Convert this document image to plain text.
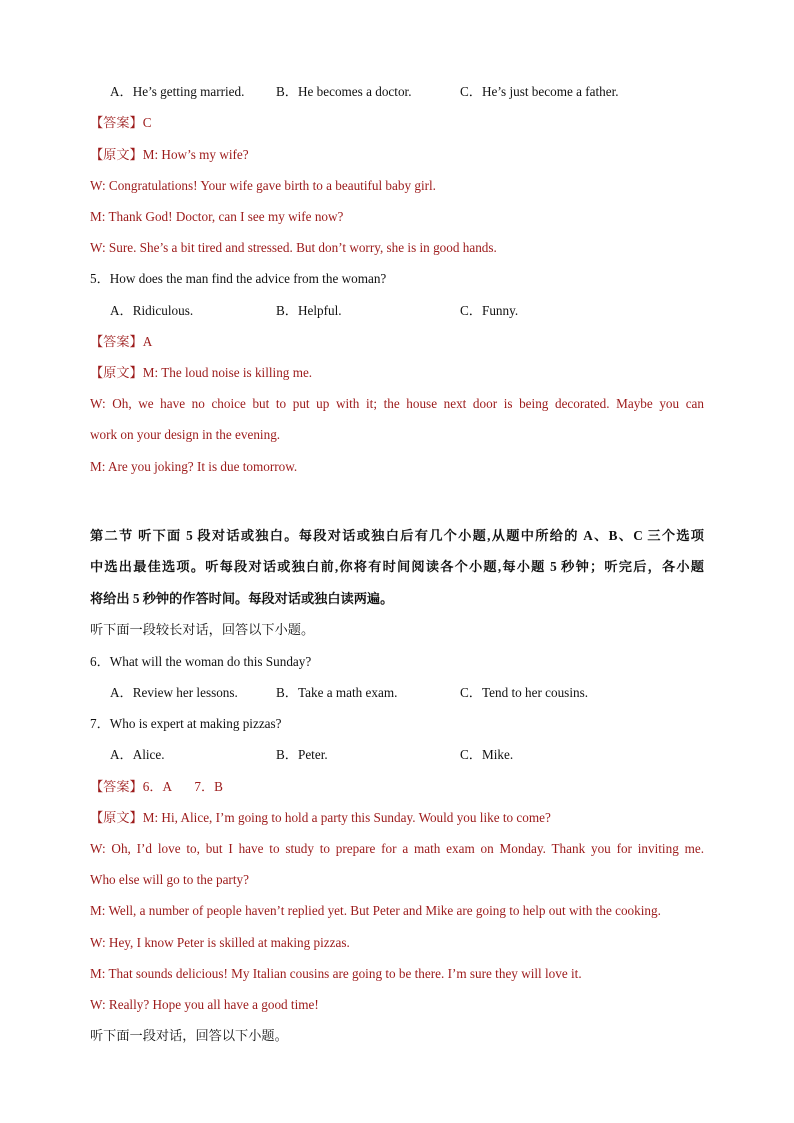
A．He’s getting married. B．He becomes a doctor.	C．He’s just become a father.
【答案】C
【原文】M: How’s my wife?
W: Congratulations! Your wife gave birth to a beautiful baby girl.
M: Thank God! Doctor, can I see my wife now?
W: Sure. She’s a bit tired and stressed. But don’t worry, she is in good hands.
5．How does the man find the advice from the woman?
A．Ridiculous.	B．Helpful.	C．Funny.
【答案】A
【原文】M: The loud noise is killing me.
W: Oh, we have no choice but to put up with it; the house next door is being decorated. Maybe you can
work on your design in the evening.
M: Are you joking? It is due tomorrow.
第二节 听下面 5 段对话或独白。每段对话或独白后有几个小题,从题中所给的 A、B、C 三个选项
中选出最佳选项。听每段对话或独白前,你将有时间阅读各个小题,每小题 5 秒钟；听完后，各小题
将给出 5 秒钟的作答时间。每段对话或独白读两遍。
听下面一段较长对话，回答以下小题。
6．What will the woman do this Sunday?
A．Review her lessons.	B．Take a math exam.	C．Tend to her cousins.
7．Who is expert at making pizzas?
A．Alice.	B．Peter.	C．Mike.
【答案】6．A       7．B
【原文】M: Hi, Alice, I’m going to hold a party this Sunday. Would you like to come?
W: Oh, I’d love to, but I have to study to prepare for a math exam on Monday. Thank you for inviting me.
Who else will go to the party?
M: Well, a number of people haven’t replied yet. But Peter and Mike are going to help out with the cooking.
W: Hey, I know Peter is skilled at making pizzas.
M: That sounds delicious! My Italian cousins are going to be there. I’m sure they will love it.
W: Really? Hope you all have a good time!
听下面一段对话，回答以下小题。
